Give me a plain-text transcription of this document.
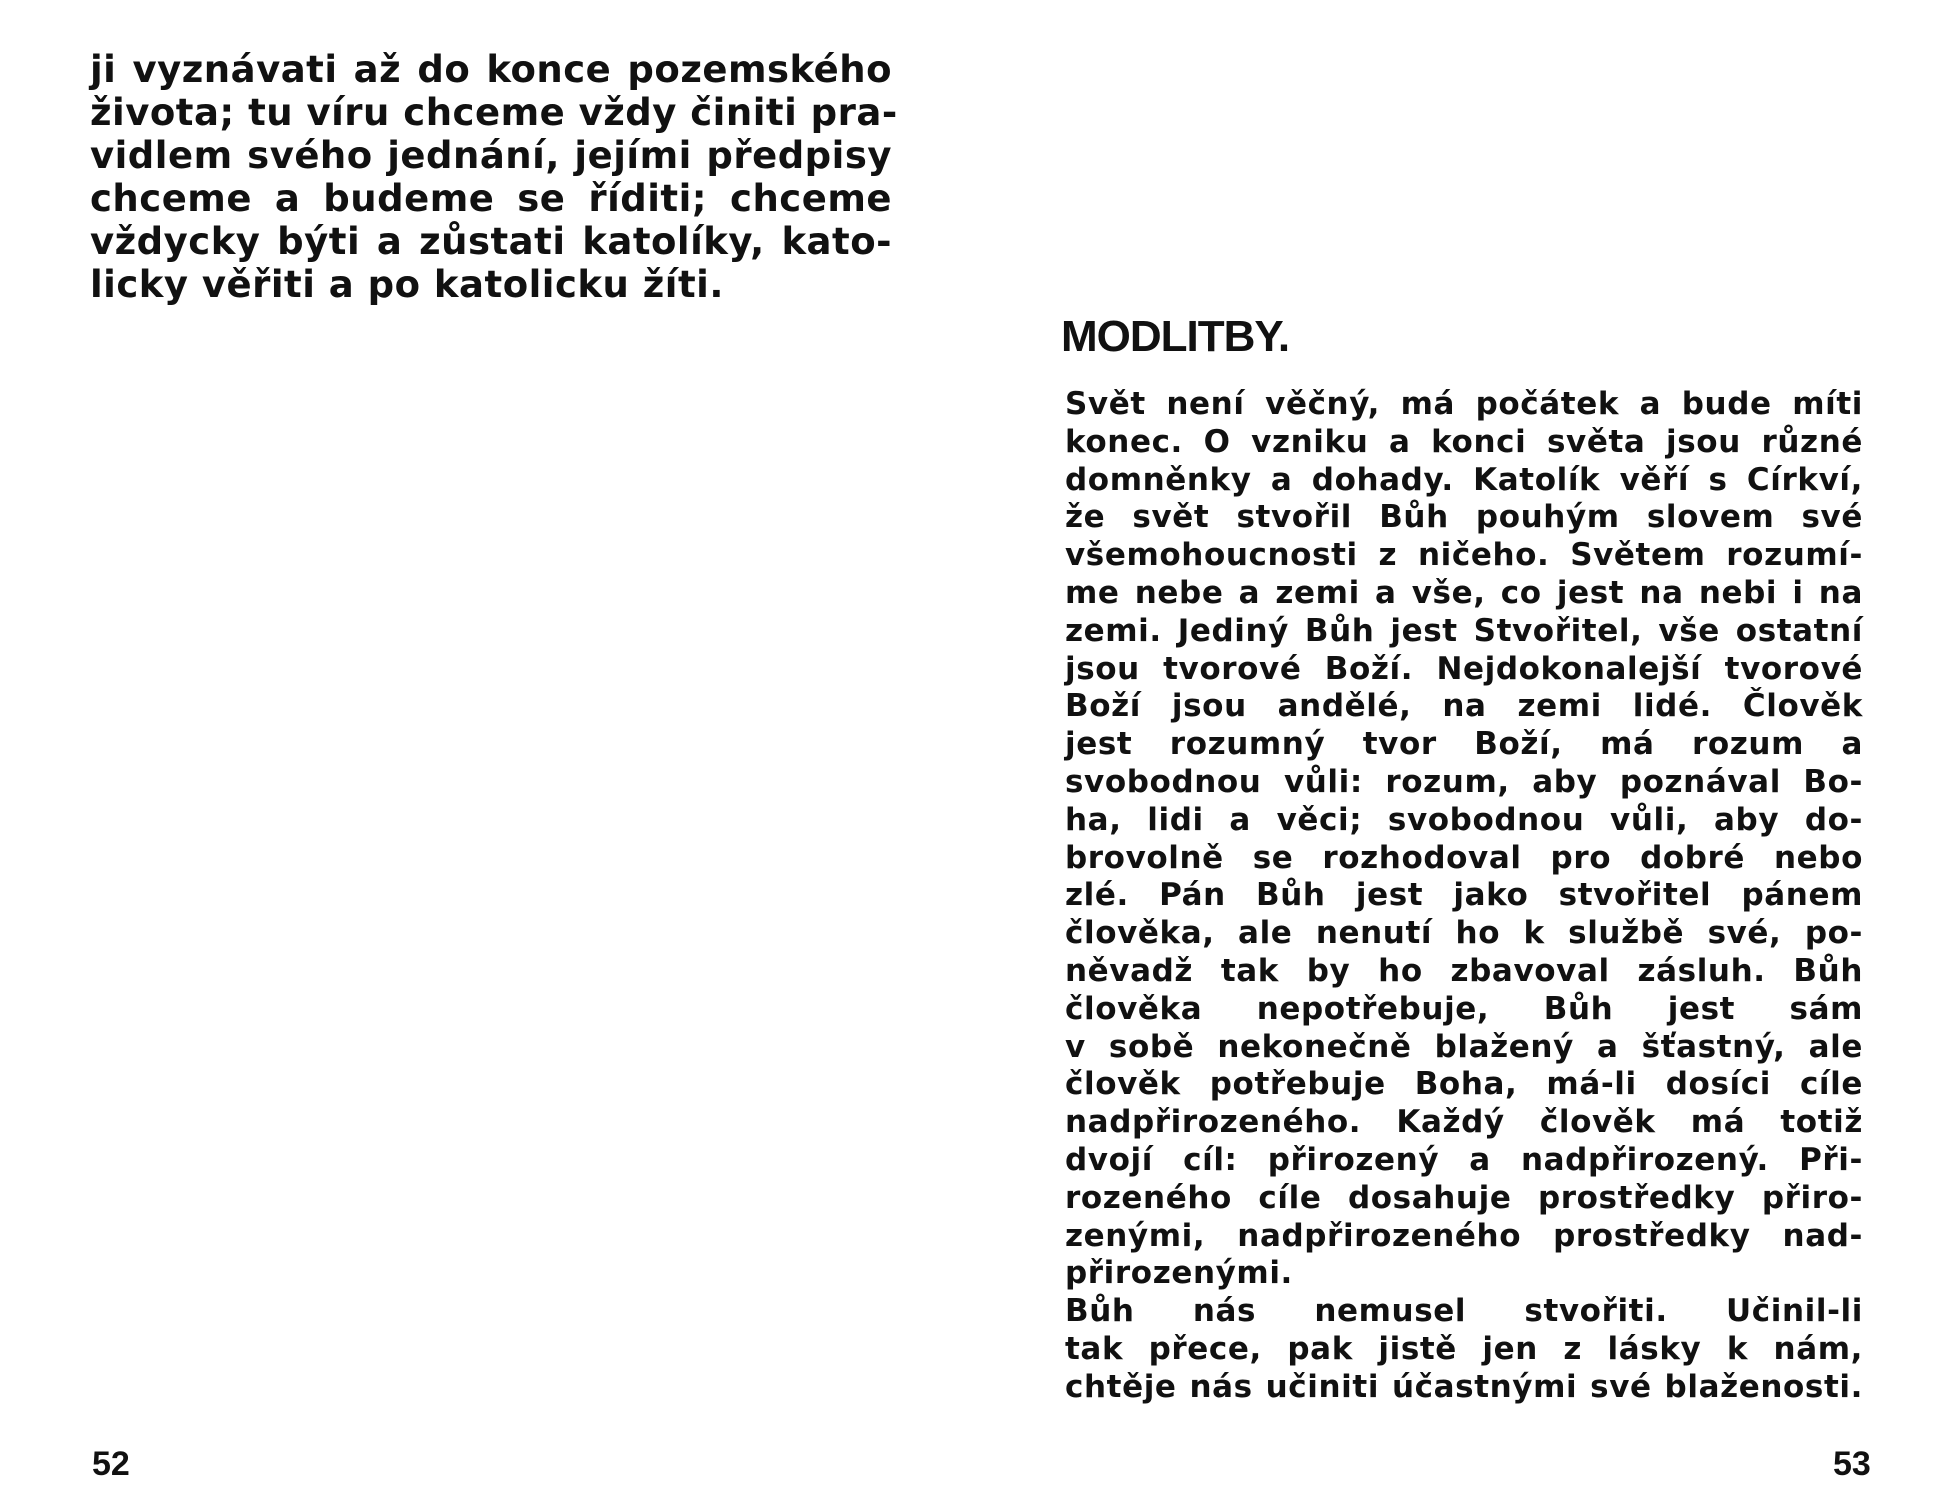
ji vyznávati až do konce pozemského
života; tu víru chceme vždy činiti pra-
vidlem svého jednání, jejími předpisy
chceme a budeme se říditi; chceme
vždycky býti a zůstati katolíky, kato-
licky věřiti a po katolicku žíti.
52
MODLITBY.
Svět není věčný, má počátek a bude míti
konec. O vzniku a konci světa jsou různé
domněnky a dohady. Katolík věří s Církví,
že svět stvořil Bůh pouhým slovem své
všemohoucnosti z ničeho. Světem rozumí-
me nebe a zemi a vše, co jest na nebi i na
zemi. Jediný Bůh jest Stvořitel, vše ostatní
jsou tvorové Boží. Nejdokonalejší tvorové
Boží jsou andělé, na zemi lidé. Člověk
jest rozumný tvor Boží, má rozum a
svobodnou vůli: rozum, aby poznával Bo-
ha, lidi a věci; svobodnou vůli, aby do-
brovolně se rozhodoval pro dobré nebo
zlé. Pán Bůh jest jako stvořitel pánem
člověka, ale nenutí ho k službě své, po-
něvadž tak by ho zbavoval zásluh. Bůh
člověka nepotřebuje, Bůh jest sám
v sobě nekonečně blažený a šťastný, ale
člověk potřebuje Boha, má-li dosíci cíle
nadpřirozeného. Každý člověk má totiž
dvojí cíl: přirozený a nadpřirozený. Při-
rozeného cíle dosahuje prostředky přiro-
zenými, nadpřirozeného prostředky nad-
přirozenými.
Bůh nás nemusel stvořiti. Učinil-li
tak přece, pak jistě jen z lásky k nám,
chtěje nás učiniti účastnými své blaženosti.
53
